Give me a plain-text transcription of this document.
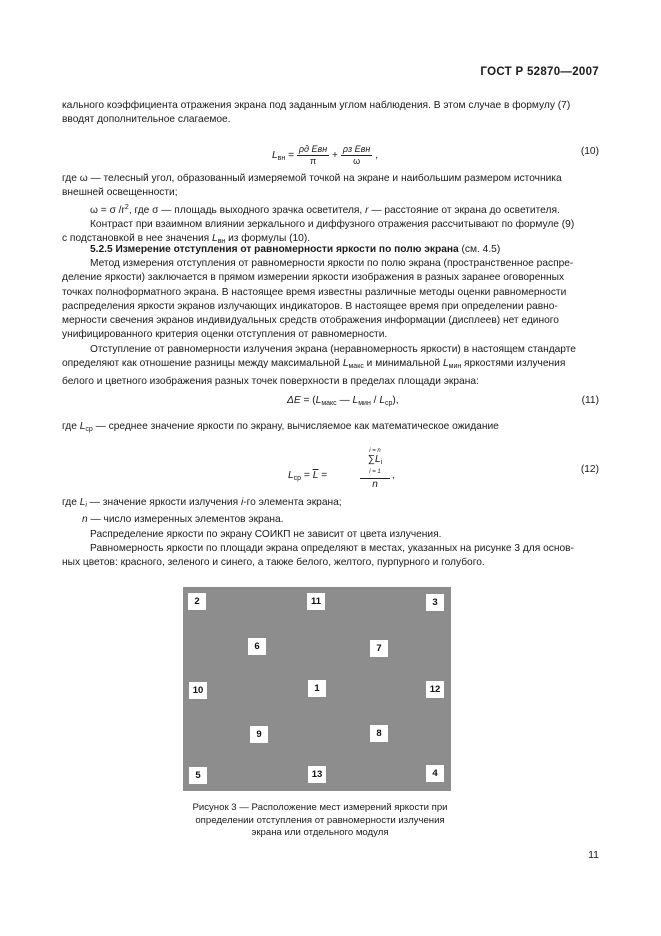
ГОСТ Р 52870—2007
кального коэффициента отражения экрана под заданным углом наблюдения. В этом случае в формулу (7)
вводят дополнительное слагаемое.
$L_{вн} = \frac{\text{ρд Eвн}}{\pi} + \frac{\text{ρз Eвн}}{\omega}$ ,	(10)
где ω — телесный угол, образованный измеряемой точкой на экране и наибольшим размером источника
внешней освещенности;
ω = σ $/r^2$, где σ — площадь выходного зрачка осветителя, r — расстояние от экрана до осветителя.
Контраст при взаимном влиянии зеркального и диффузного отражения рассчитывают по формуле (9)
с подстановкой в нее значения $L_{вн}$ из формулы (10).
5.2.5 Измерение отступления от равномерности яркости по полю экрана (см. 4.5)
Метод измерения отступления от равномерности яркости по полю экрана (пространственное распре-
деление яркости) заключается в прямом измерении яркости изображения в разных заранее оговоренных
точках полноформатного экрана. В настоящее время известны различные методы оценки равномерности
распределения яркости экранов излучающих индикаторов. В настоящее время при определении равно-
мерности свечения экранов индивидуальных средств отображения информации (дисплеев) нет единого
унифицированного критерия оценки отступления от равномерности.
Отступление от равномерности излучения экрана (неравномерность яркости) в настоящем стандарте
определяют как отношение разницы между максимальной $L_{макс}$ и минимальной $L_{мин}$ яркостями излучения
белого и цветного изображения разных точек поверхности в пределах площади экрана:
$\Delta E = (L_{макс}$ — $L_{мин} / L_{ср}$),	(11)
где $L_{ср}$ — среднее значение яркости по экрану, вычисляемое как математическое ожидание
$L_{ср} = \overline{L}$ =
i = n
$\sum L_i$
i = 1
n
,
(12)
где $L_i$ — значение яркости излучения i-го элемента экрана;
n — число измеренных элементов экрана.
Распределение яркости по экрану СОИКП не зависит от цвета излучения.
Равномерность яркости по площади экрана определяют в местах, указанных на рисунке 3 для основ-
ных цветов: красного, зеленого и синего, а также белого, желтого, пурпурного и голубого.
2	11	3
6	7
10	1	12
9	8
5	13	4
Рисунок 3 — Расположение мест измерений яркости при
определении отступления от равномерности излучения
экрана или отдельного модуля
11
